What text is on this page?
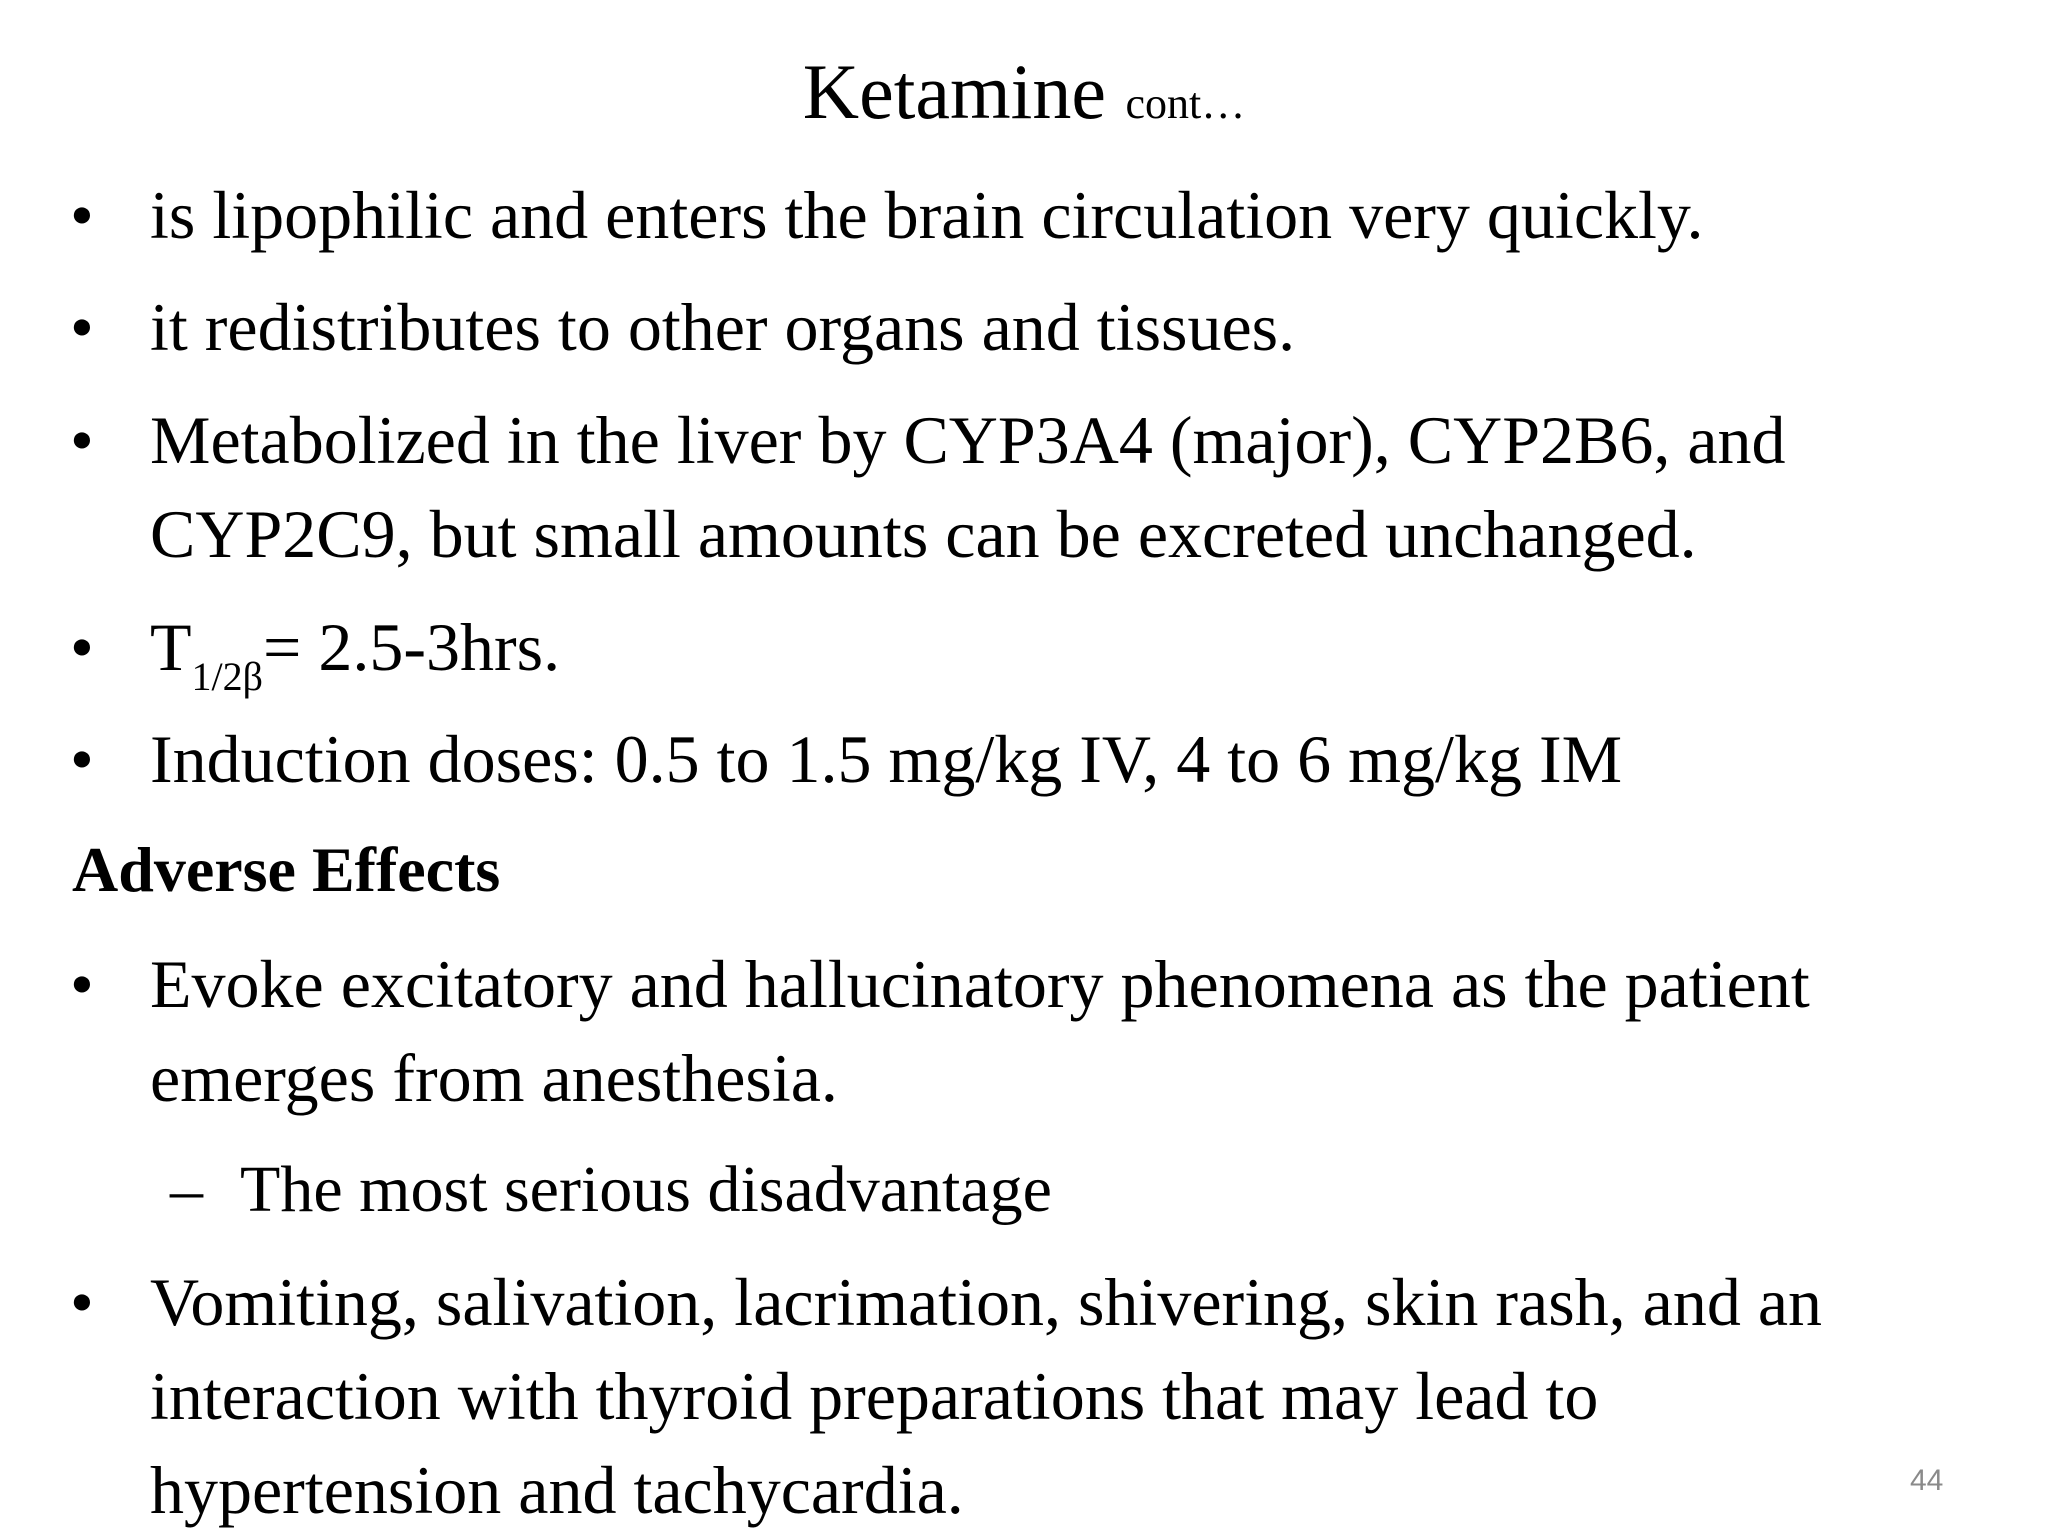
Ketamine cont…
• is lipophilic and enters the brain circulation very quickly.
• it redistributes to other organs and tissues.
• Metabolized in the liver by CYP3A4 (major), CYP2B6, and CYP2C9, but small amounts can be excreted unchanged.
• $T_{1/2\beta}= 2.5-3hrs$.
• Induction doses: 0.5 to 1.5 mg/kg IV, 4 to 6 mg/kg IM
Adverse Effects
• Evoke excitatory and hallucinatory phenomena as the patient emerges from anesthesia.
– The most serious disadvantage
• Vomiting, salivation, lacrimation, shivering, skin rash, and an interaction with thyroid preparations that may lead to hypertension and tachycardia.	44
